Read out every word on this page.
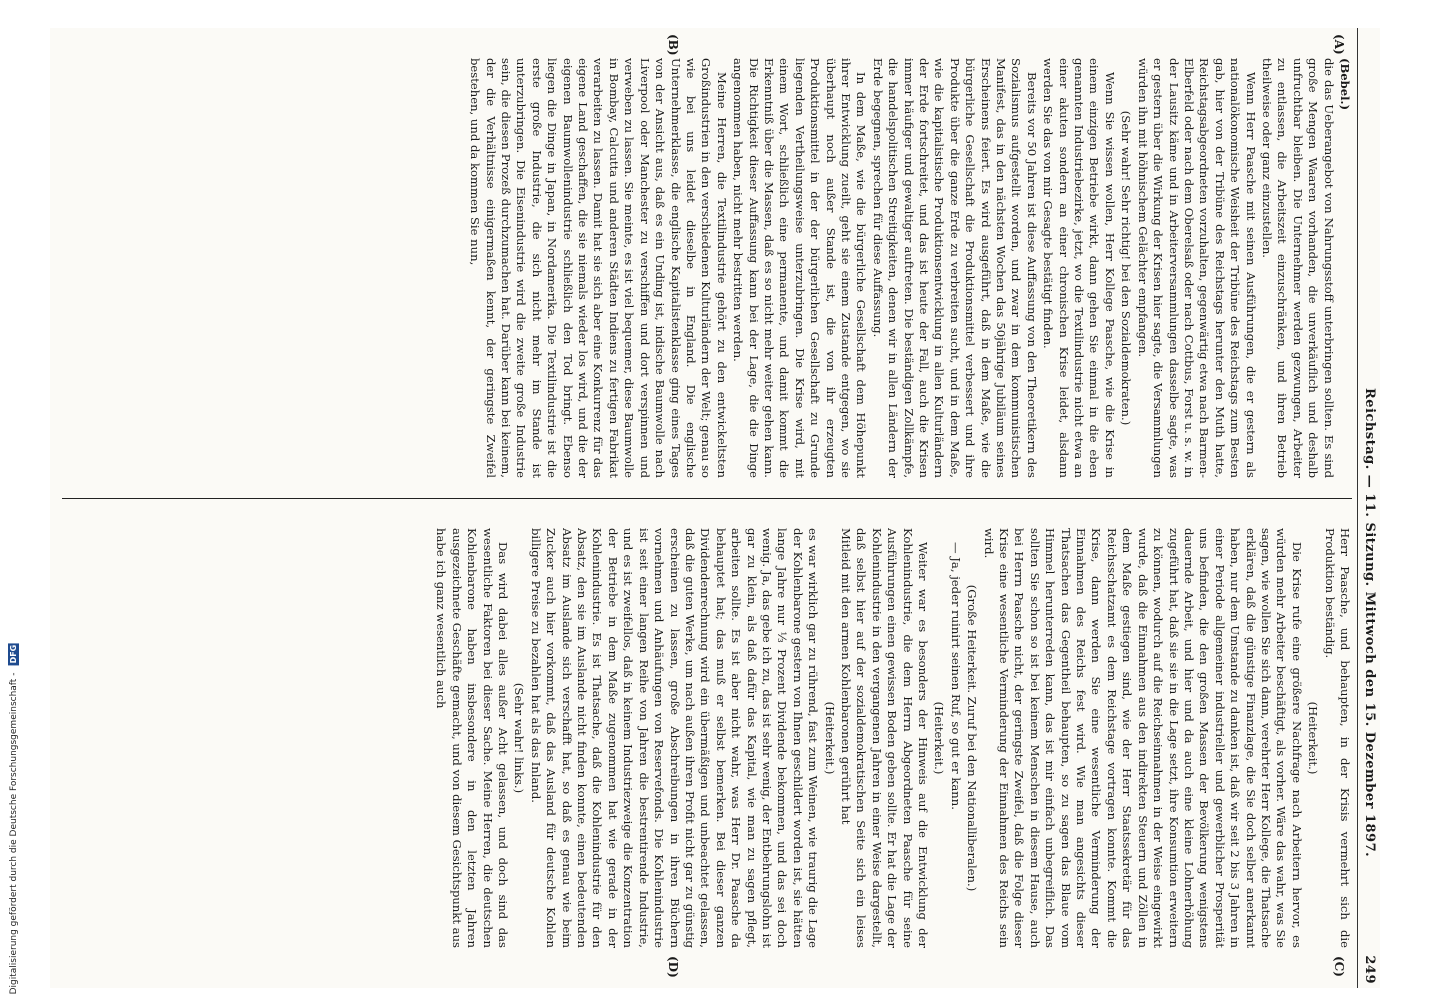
Digitalisierung gefördert durch die Deutsche Forschungsgemeinschaft - DFG	Reichstag. — 11. Sitzung. Mittwoch den 15. Dezember 1897.
249
(A)
(B)
(C)
(D)

(Bebel.)

die das Ueberangebot von Nahrungsstoff unterbringen sollten. Es sind große Mengen Waaren vorhanden, die unverkäuflich und deshalb unfruchtbar bleiben. Die Unternehmer werden gezwungen, Arbeiter zu entlassen, die Arbeitszeit einzuschränken, und ihren Betrieb theilweise oder ganz einzustellen.

Wenn Herr Paasche mit seinen Ausführungen, die er gestern als nationalökonomische Weisheit der Tribüne des Reichstags zum Besten gab, hier von der Tribüne des Reichstags herunter den Muth hatte, Reichstagsabgeordneten vorzuhalten, gegenwärtig etwa nach Barmen-Elberfeld oder nach dem Oberelsaß oder nach Cottbus, Forst u. s. w. in der Lausitz käme und in Arbeiterversammlungen dasselbe sagte, was er gestern über die Wirkung der Krisen hier sagte, die Versammlungen würden ihn mit höhnischem Gelächter empfangen.

(Sehr wahr! Sehr richtig! bei den Sozialdemokraten.)

Wenn Sie wissen wollen, Herr Kollege Paasche, wie die Krise in einem einzigen Betriebe wirkt, dann gehen Sie einmal in die eben genannten Industriebezirke, jetzt, wo die Textilindustrie nicht etwa an einer akuten sondern an einer chronischen Krise leidet, alsdann werden Sie das von mir Gesagte bestätigt finden.

Bereits vor 50 Jahren ist diese Auffassung von den Theoretikern des Sozialismus aufgestellt worden, und zwar in dem kommunistischen Manifest, das in den nächsten Wochen das 50jährige Jubiläum seines Erscheinens feiert. Es wird ausgeführt, daß in dem Maße, wie die bürgerliche Gesellschaft die Produktionsmittel verbessert und ihre Produkte über die ganze Erde zu verbreiten sucht, und in dem Maße, wie die kapitalistische Produktionsentwicklung in allen Kulturländern der Erde fortschreitet, und das ist heute der Fall, auch die Krisen immer häufiger und gewaltiger auftreten. Die beständigen Zollkämpfe, die handelspolitischen Streitigkeiten, denen wir in allen Ländern der Erde begegnen, sprechen für diese Auffassung.

In dem Maße, wie die bürgerliche Gesellschaft dem Höhepunkt ihrer Entwicklung zueilt, geht sie einem Zustande entgegen, wo sie überhaupt noch außer Stande ist, die von ihr erzeugten Produktionsmittel in der der bürgerlichen Gesellschaft zu Grunde liegenden Vertheilungsweise unterzubringen. Die Krise wird, mit einem Wort, schließlich eine permanente, und damit kommt die Erkenntniß über die Massen, daß es so nicht mehr weiter gehen kann. Die Richtigkeit dieser Auffassung kann bei der Lage, die die Dinge angenommen haben, nicht mehr bestritten werden.

Meine Herren, die Textilindustrie gehört zu den entwickeltsten Großindustrien in den verschiedenen Kulturländern der Welt; genau so wie bei uns leidet dieselbe in England. Die englische Unternehmerklasse, die englische Kapitalistenklasse ging eines Tages von der Ansicht aus, daß es ein Unding ist, indische Baumwolle nach Liverpool oder Manchester zu verschiffen und dort verspinnen und verweben zu lassen. Sie meinte, es ist viel bequemer, diese Baumwolle in Bombay, Calcutta und anderen Städten Indiens zu fertigen Fabrikat verarbeiten zu lassen. Damit hat sie sich aber eine Konkurrenz für das eigene Land geschaffen, die sie niemals wieder los wird, und die der eigenen Baumwollenindustrie schließlich den Tod bringt. Ebenso liegen die Dinge in Japan, in Nordamerika. Die Textilindustrie ist die erste große Industrie, die sich nicht mehr im Stande ist unterzubringen. Die Eisenindustrie wird die zweite große Industrie sein, die diesen Prozeß durchzumachen hat. Darüber kann bei keinem, der die Verhältnisse einigermaßen kennt, der geringste Zweifel bestehen, und da kommen Sie nun,

Herr Paasche, und behaupten, in der Krisis vermehrt sich die Produktion beständig.

(Heiterkeit.)

Die Krise rufe eine größere Nachfrage nach Arbeitern hervor, es würden mehr Arbeiter beschäftigt, als vorher. Wäre das wahr, was Sie sagen, wie wollen Sie sich dann, verehrter Herr Kollege, die Thatsache erklären, daß die günstige Finanzlage, die Sie doch selber anerkannt haben, nur dem Umstande zu danken ist, daß wir seit 2 bis 3 Jahren in einer Periode allgemeiner industrieller und gewerblicher Prosperität uns befinden, die den großen Massen der Bevölkerung wenigstens dauernde Arbeit, und hier und da auch eine kleine Lohnerhöhung zugeführt hat, daß sie sie in die Lage setzt, ihre Konsumtion erweitern zu können, wodurch auf die Reichseinnahmen in der Weise eingewirkt wurde, daß die Einnahmen aus den indirekten Steuern und Zöllen in dem Maße gestiegen sind, wie der Herr Staatssekretär für das Reichsschatzamt es dem Reichstage vortragen konnte. Kommt die Krise, dann werden Sie eine wesentliche Verminderung der Einnahmen des Reichs fest wird. Wie man angesichts dieser Thatsachen das Gegentheil behaupten, so zu sagen das Blaue vom Himmel herunterreden kann, das ist mir einfach unbegreiflich. Das sollten Sie schon so ist bei keinem Menschen in diesem Hause, auch bei Herrn Paasche nicht, der geringste Zweifel, daß die Folge dieser Krise eine wesentliche Verminderung der Einnahmen des Reichs sein wird.

(Große Heiterkeit. Zuruf bei den Nationalliberalen.)

— Ja, jeder ruinirt seinen Ruf, so gut er kann.

(Heiterkeit.)

Weiter war es besonders der Hinweis auf die Entwicklung der Kohlenindustrie, die dem Herrn Abgeordneten Paasche für seine Ausführungen einen gewissen Boden geben sollte. Er hat die Lage der Kohlenindustrie in den vergangenen Jahren in einer Weise dargestellt, daß selbst hier auf der sozialdemokratischen Seite sich ein leises Mitleid mit den armen Kohlenbaronen gerührt hat

(Heiterkeit.)

es war wirklich gar zu rührend, fast zum Weinen, wie traurig die Lage der Kohlenbarone gestern von Ihnen geschildert worden ist, sie hätten lange Jahre nur ⅓ Prozent Dividende bekommen, und das sei doch wenig. Ja, das gebe ich zu, das ist sehr wenig, der Entbehrungslohn ist gar zu klein, als daß dafür das Kapital, wie man zu sagen pflegt, arbeiten sollte. Es ist aber nicht wahr, was Herr Dr. Paasche da behauptet hat; das muß er selbst bemerken. Bei dieser ganzen Dividendenrechnung wird ein übermäßigen und unbeachtet gelassen, daß die guten Werke, um nach außen ihren Profit nicht gar zu günstig erscheinen zu lassen, große Abschreibungen in ihren Büchern vornehmen und Anhäufungen von Reservefonds. Die Kohlenindustrie ist seit einer langen Reihe von Jahren die bestrentirende Industrie, und es ist zweifellos, daß in keinem Industriezweige die Konzentration der Betriebe in dem Maße zugenommen hat wie gerade in der Kohlenindustrie. Es ist Thatsache, daß die Kohlenindustrie für den Absatz, den sie im Auslande nicht finden konnte, einen bedeutenden Absatz im Auslande sich verschafft hat, so daß es genau wie beim Zucker auch hier vorkommt, daß das Ausland für deutsche Kohlen billigere Preise zu bezahlen hat als das Inland.

(Sehr wahr! links.)

Das wird dabei alles außer Acht gelassen, und doch sind das wesentliche Faktoren bei dieser Sache. Meine Herren, die deutschen Kohlenbarone haben insbesondere in den letzten Jahren ausgezeichnete Geschäfte gemacht, und von diesem Gesichtspunkt aus habe ich ganz wesentlich auch
